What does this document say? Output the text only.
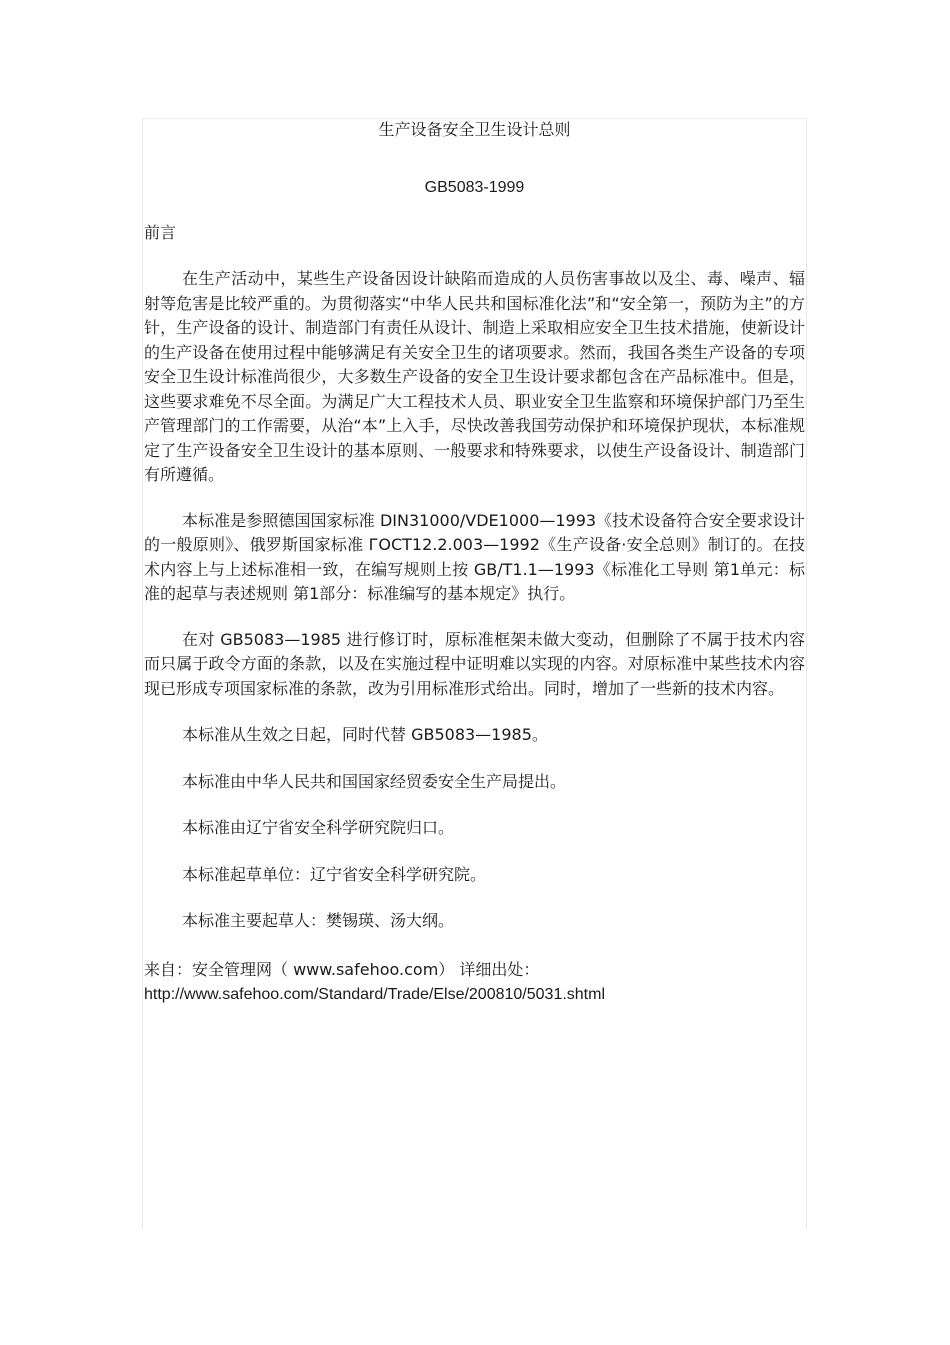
生产设备安全卫生设计总则
GB5083-1999
前言

在生产活动中，某些生产设备因设计缺陷而造成的人员伤害事故以及尘、毒、噪声、辐射等危害是比较严重的。为贯彻落实“中华人民共和国标准化法”和“安全第一，预防为主”的方针，生产设备的设计、制造部门有责任从设计、制造上采取相应安全卫生技术措施，使新设计的生产设备在使用过程中能够满足有关安全卫生的诸项要求。然而，我国各类生产设备的专项安全卫生设计标准尚很少，大多数生产设备的安全卫生设计要求都包含在产品标准中。但是，这些要求难免不尽全面。为满足广大工程技术人员、职业安全卫生监察和环境保护部门乃至生产管理部门的工作需要，从治“本”上入手，尽快改善我国劳动保护和环境保护现状，本标准规定了生产设备安全卫生设计的基本原则、一般要求和特殊要求，以使生产设备设计、制造部门有所遵循。

本标准是参照德国国家标准 DIN31000/VDE1000—1993《技术设备符合安全要求设计的一般原则》、俄罗斯国家标准 ГOCT12.2.003—1992《生产设备·安全总则》制订的。在技术内容上与上述标准相一致，在编写规则上按 GB/T1.1—1993《标准化工导则 第1单元：标准的起草与表述规则 第1部分：标准编写的基本规定》执行。

在对 GB5083—1985 进行修订时，原标准框架未做大变动，但删除了不属于技术内容而只属于政令方面的条款，以及在实施过程中证明难以实现的内容。对原标准中某些技术内容现已形成专项国家标准的条款，改为引用标准形式给出。同时，增加了一些新的技术内容。

本标准从生效之日起，同时代替 GB5083—1985。

本标准由中华人民共和国国家经贸委安全生产局提出。

本标准由辽宁省安全科学研究院归口。

本标准起草单位：辽宁省安全科学研究院。

本标准主要起草人：樊锡瑛、汤大纲。

来自：安全管理网（ www.safehoo.com） 详细出处：
http://www.safehoo.com/Standard/Trade/Else/200810/5031.shtml
